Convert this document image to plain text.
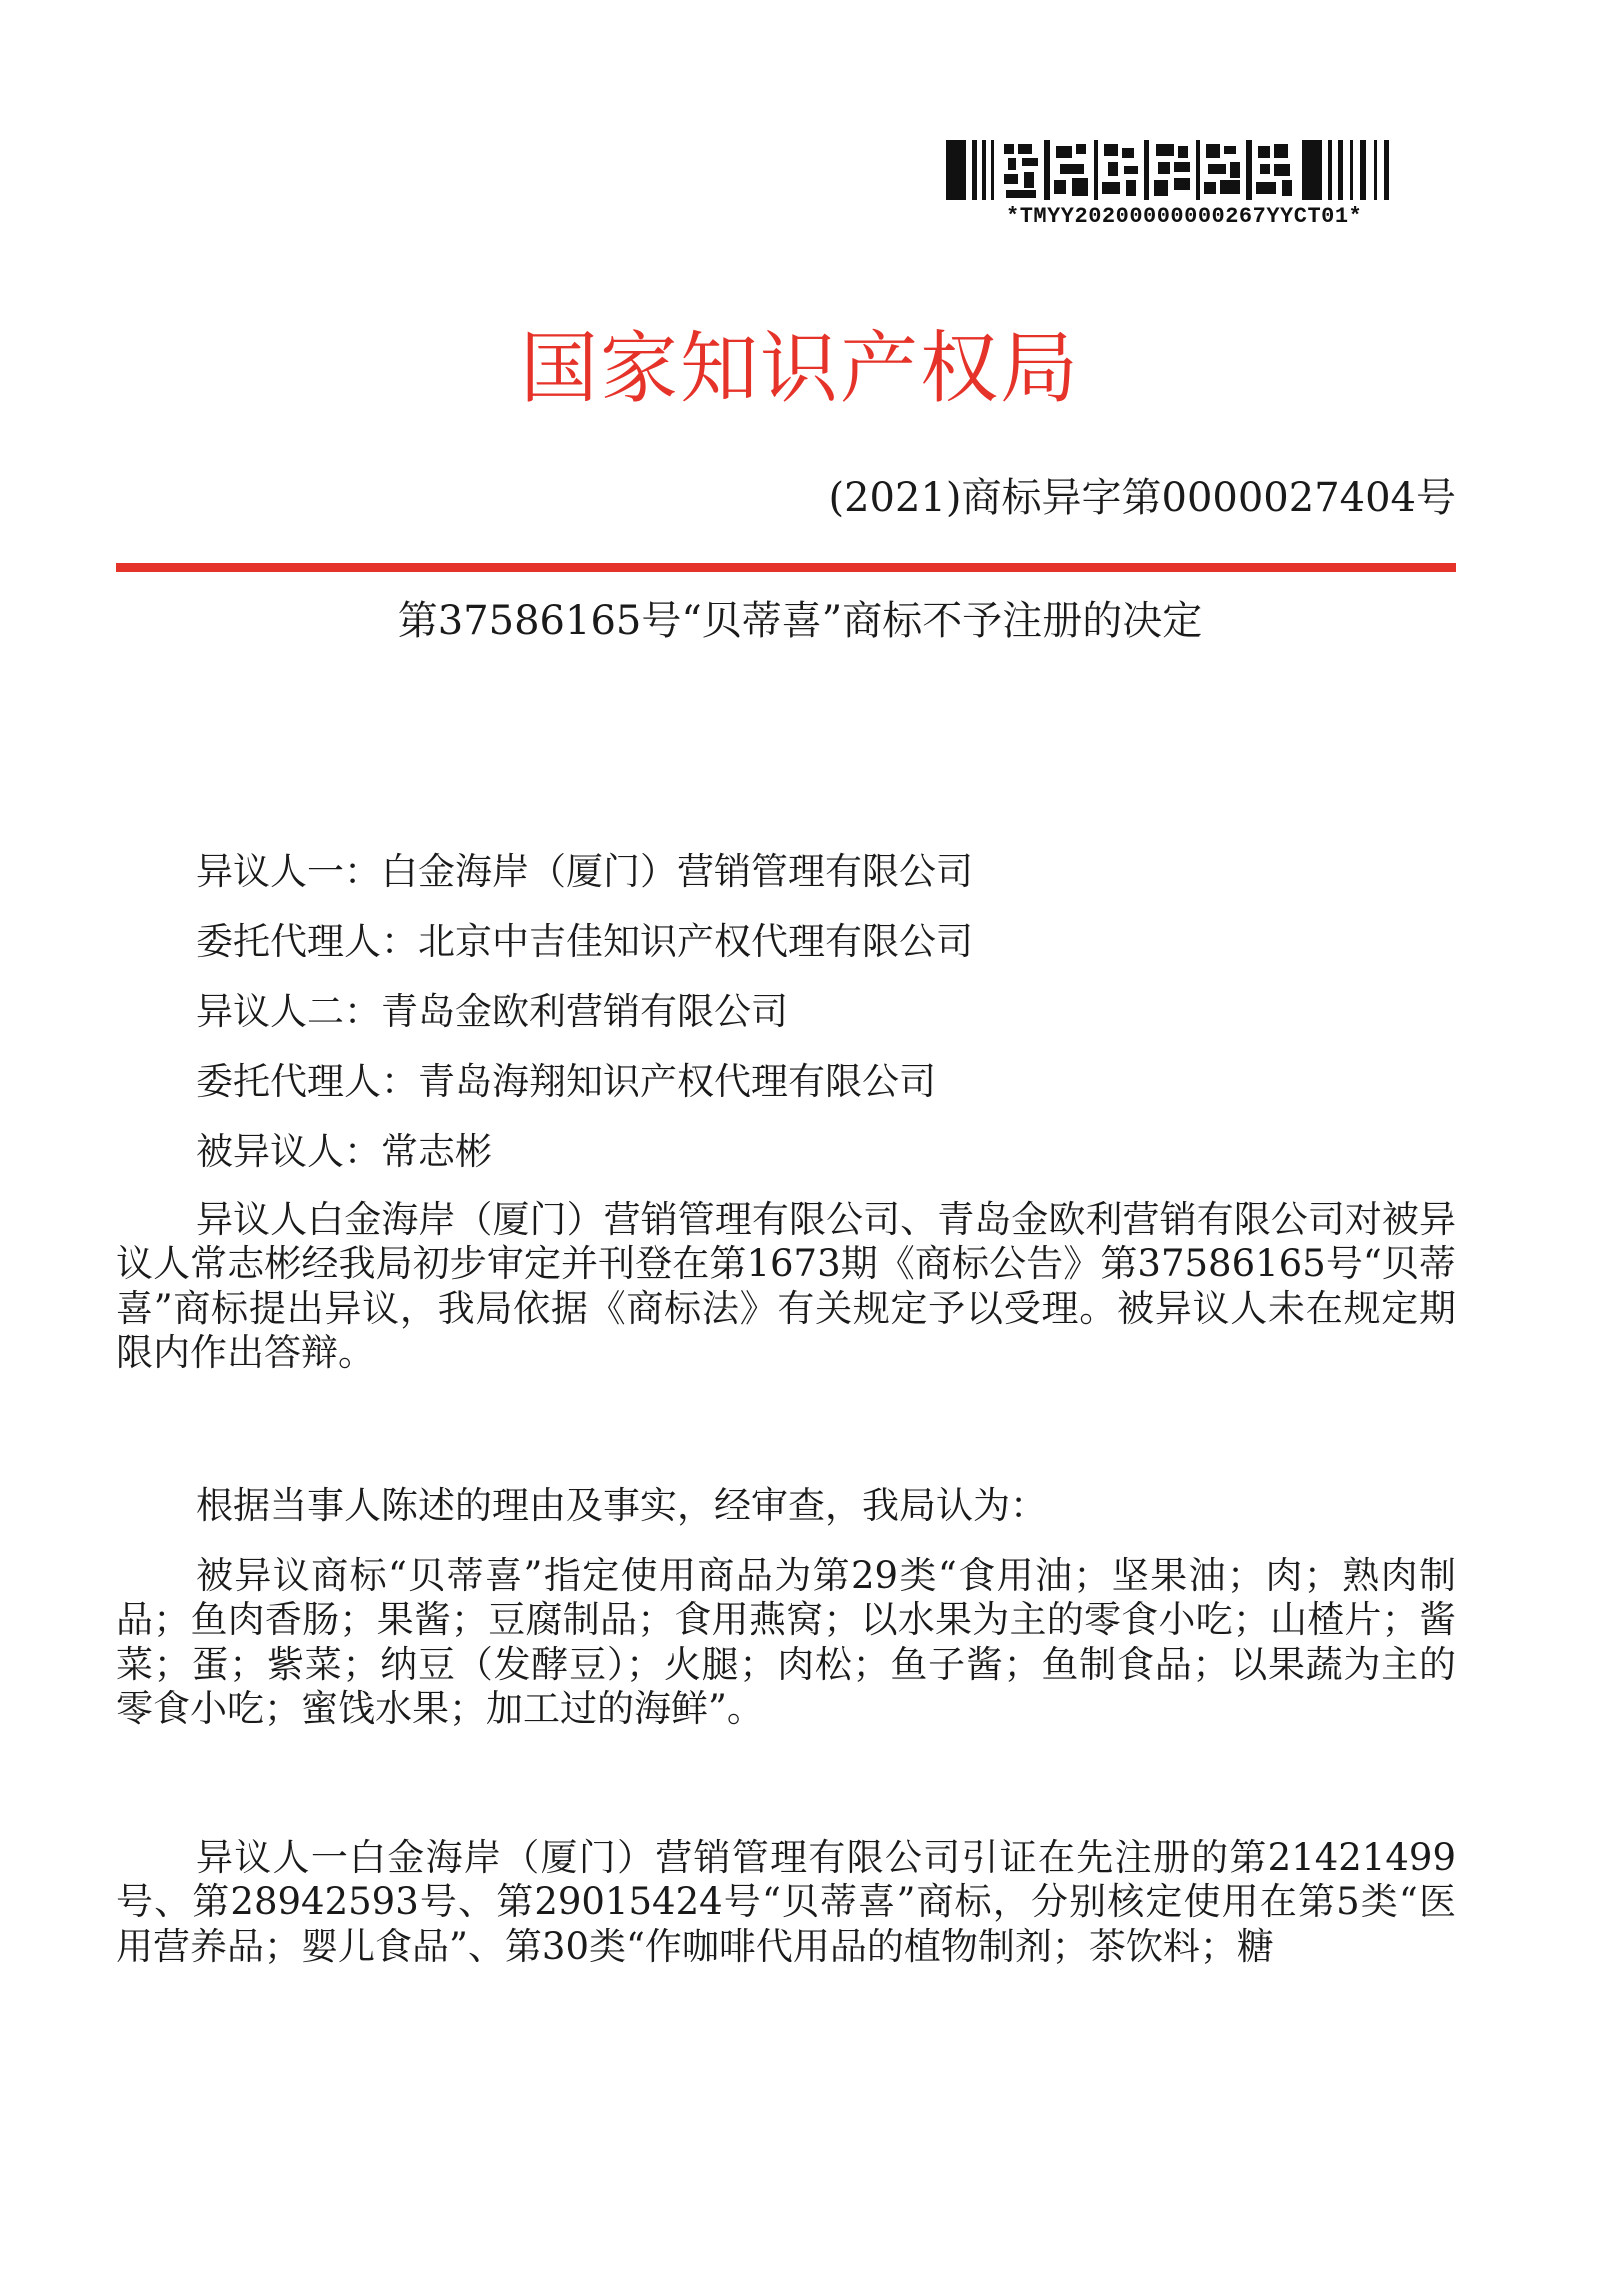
*TMYY20200000000267YYCT01*
国家知识产权局
(2021)商标异字第0000027404号
第37586165号“贝蒂喜”商标不予注册的决定
异议人一：白金海岸（厦门）营销管理有限公司
委托代理人：北京中吉佳知识产权代理有限公司
异议人二：青岛金欧利营销有限公司
委托代理人：青岛海翔知识产权代理有限公司
被异议人：常志彬
异议人白金海岸（厦门）营销管理有限公司、青岛金欧利营销有限公司对被异议人常志彬经我局初步审定并刊登在第1673期《商标公告》第37586165号“贝蒂喜”商标提出异议，我局依据《商标法》有关规定予以受理。被异议人未在规定期限内作出答辩。
根据当事人陈述的理由及事实，经审查，我局认为：
被异议商标“贝蒂喜”指定使用商品为第29类“食用油；坚果油；肉；熟肉制品；鱼肉香肠；果酱；豆腐制品；食用燕窝；以水果为主的零食小吃；山楂片；酱菜；蛋；紫菜；纳豆（发酵豆）；火腿；肉松；鱼子酱；鱼制食品；以果蔬为主的零食小吃；蜜饯水果；加工过的海鲜”。
异议人一白金海岸（厦门）营销管理有限公司引证在先注册的第21421499号、第28942593号、第29015424号“贝蒂喜”商标，分别核定使用在第5类“医用营养品；婴儿食品”、第30类“作咖啡代用品的植物制剂；茶饮料；糖
